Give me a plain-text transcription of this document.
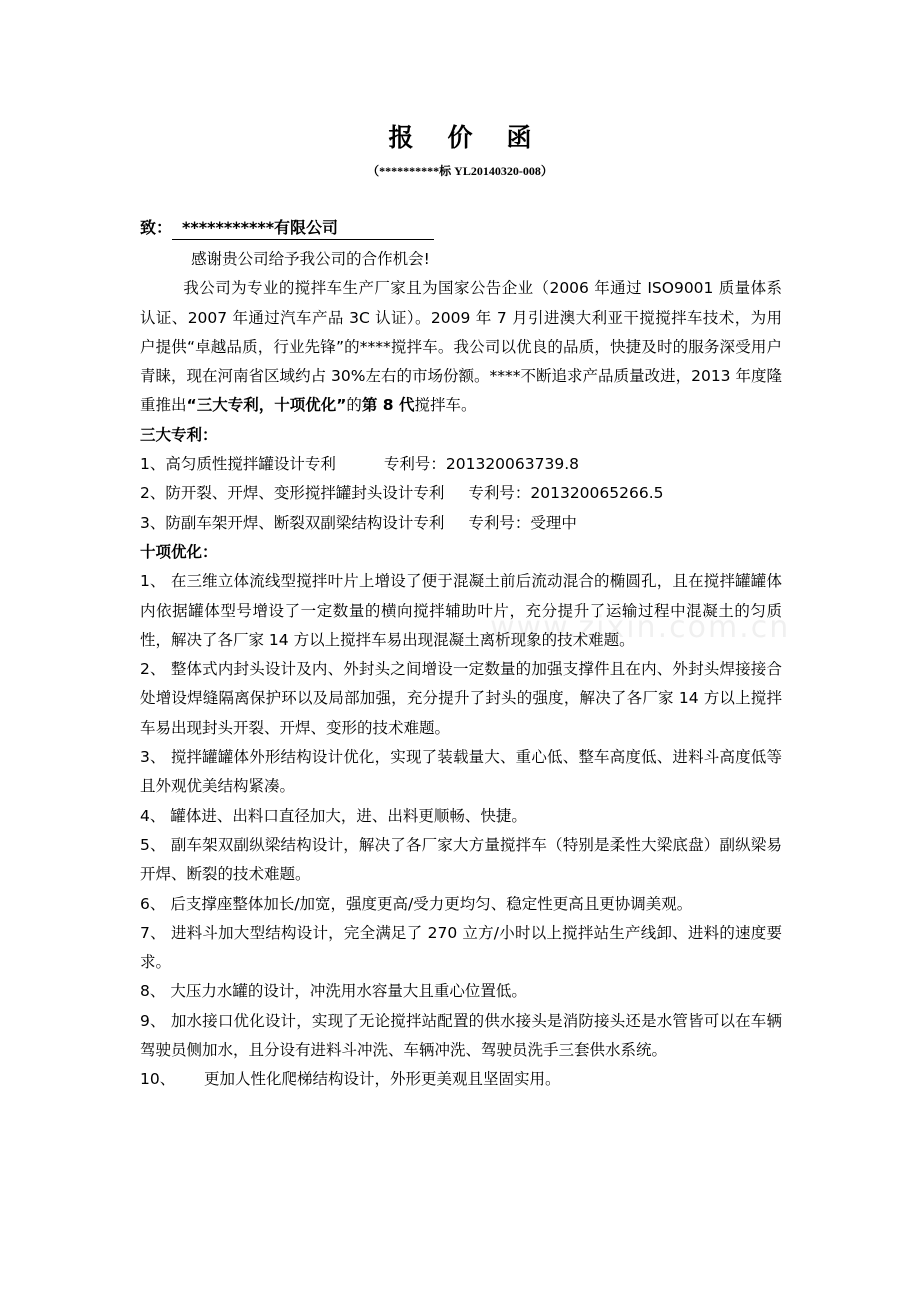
www.zixin.com.cn
报价函
（**********标 YL20140320-008）
致： ***********有限公司

感谢贵公司给予我公司的合作机会!

我公司为专业的搅拌车生产厂家且为国家公告企业（2006 年通过 ISO9001 质量体系认证、2007 年通过汽车产品 3C 认证）。2009 年 7 月引进澳大利亚干搅搅拌车技术，为用户提供“卓越品质，行业先锋”的****搅拌车。我公司以优良的品质，快捷及时的服务深受用户青睐，现在河南省区域约占 30%左右的市场份额。****不断追求产品质量改进，2013 年度隆重推出“三大专利，十项优化”的第 8 代搅拌车。

三大专利：

1、高匀质性搅拌罐设计专利	专利号：201320063739.8
2、防开裂、开焊、变形搅拌罐封头设计专利 专利号：201320065266.5
3、防副车架开焊、断裂双副梁结构设计专利 专利号：受理中

十项优化：

1、 在三维立体流线型搅拌叶片上增设了便于混凝土前后流动混合的椭圆孔，且在搅拌罐罐体内依据罐体型号增设了一定数量的横向搅拌辅助叶片，充分提升了运输过程中混凝土的匀质性，解决了各厂家 14 方以上搅拌车易出现混凝土离析现象的技术难题。

2、 整体式内封头设计及内、外封头之间增设一定数量的加强支撑件且在内、外封头焊接接合处增设焊缝隔离保护环以及局部加强，充分提升了封头的强度，解决了各厂家 14 方以上搅拌车易出现封头开裂、开焊、变形的技术难题。

3、 搅拌罐罐体外形结构设计优化，实现了装载量大、重心低、整车高度低、进料斗高度低等且外观优美结构紧凑。

4、 罐体进、出料口直径加大，进、出料更顺畅、快捷。

5、 副车架双副纵梁结构设计，解决了各厂家大方量搅拌车（特别是柔性大梁底盘）副纵梁易开焊、断裂的技术难题。

6、 后支撑座整体加长/加宽，强度更高/受力更均匀、稳定性更高且更协调美观。

7、 进料斗加大型结构设计，完全满足了 270 立方/小时以上搅拌站生产线卸、进料的速度要求。

8、 大压力水罐的设计，冲洗用水容量大且重心位置低。

9、 加水接口优化设计，实现了无论搅拌站配置的供水接头是消防接头还是水管皆可以在车辆驾驶员侧加水，且分设有进料斗冲洗、车辆冲洗、驾驶员洗手三套供水系统。

10、 更加人性化爬梯结构设计，外形更美观且坚固实用。
